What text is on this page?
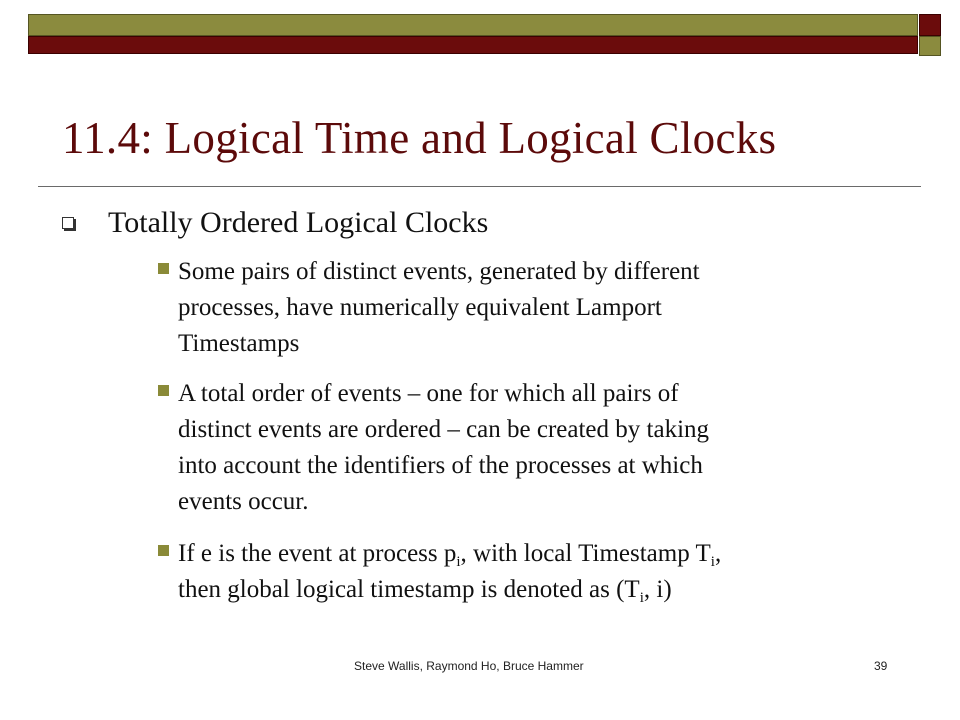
11.4: Logical Time and Logical Clocks
Totally Ordered Logical Clocks
Some pairs of distinct events, generated by different
processes, have numerically equivalent Lamport
Timestamps
A total order of events – one for which all pairs of
distinct events are ordered – can be created by taking
into account the identifiers of the processes at which
events occur.
If e is the event at process $p_i$, with local Timestamp $T_i$,
then global logical timestamp is denoted as ($T_i$, i)
Steve Wallis, Raymond Ho, Bruce Hammer	39
